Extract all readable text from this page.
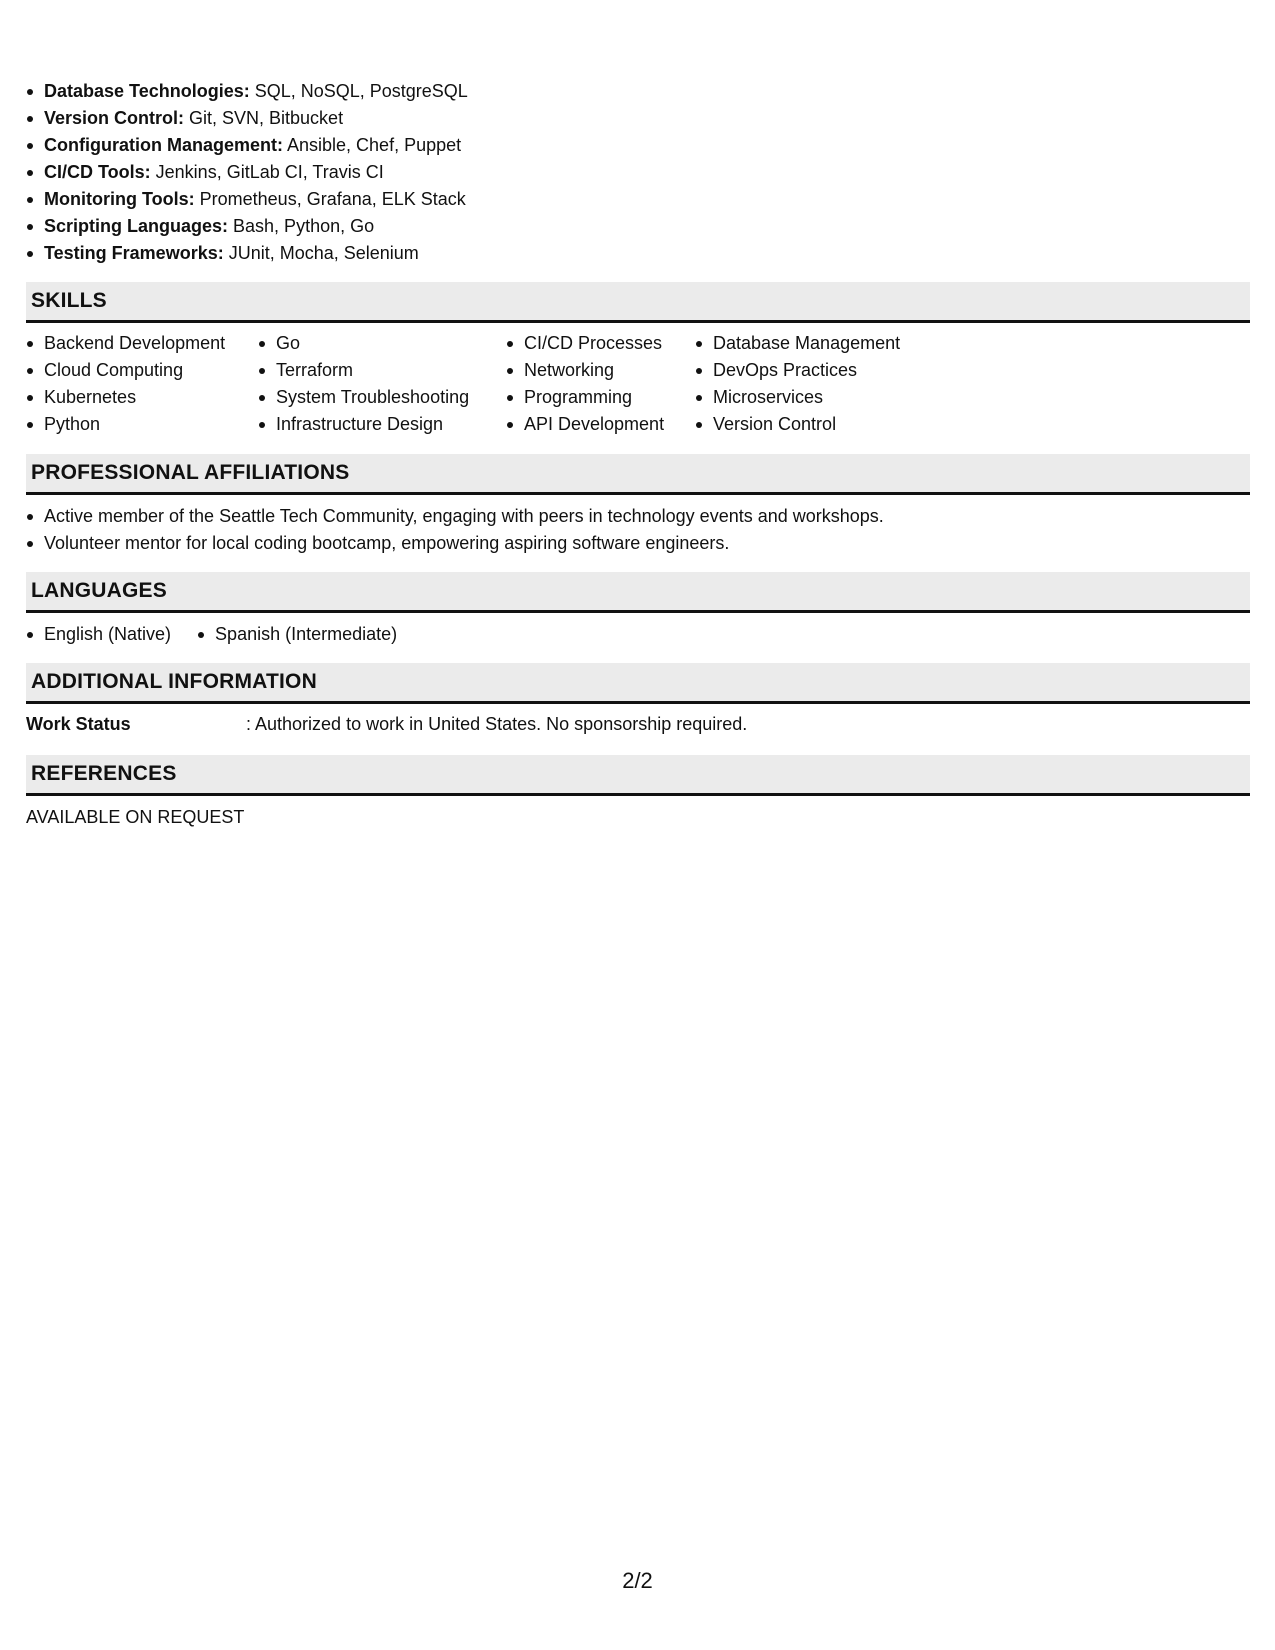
Database Technologies: SQL, NoSQL, PostgreSQL
Version Control: Git, SVN, Bitbucket
Configuration Management: Ansible, Chef, Puppet
CI/CD Tools: Jenkins, GitLab CI, Travis CI
Monitoring Tools: Prometheus, Grafana, ELK Stack
Scripting Languages: Bash, Python, Go
Testing Frameworks: JUnit, Mocha, Selenium
SKILLS
Backend Development
Cloud Computing
Kubernetes
Python
Go
Terraform
System Troubleshooting
Infrastructure Design
CI/CD Processes
Networking
Programming
API Development
Database Management
DevOps Practices
Microservices
Version Control
PROFESSIONAL AFFILIATIONS
Active member of the Seattle Tech Community, engaging with peers in technology events and workshops.
Volunteer mentor for local coding bootcamp, empowering aspiring software engineers.
LANGUAGES
English (Native)	Spanish (Intermediate)
ADDITIONAL INFORMATION
Work Status	: Authorized to work in United States. No sponsorship required.
REFERENCES
AVAILABLE ON REQUEST
2/2
